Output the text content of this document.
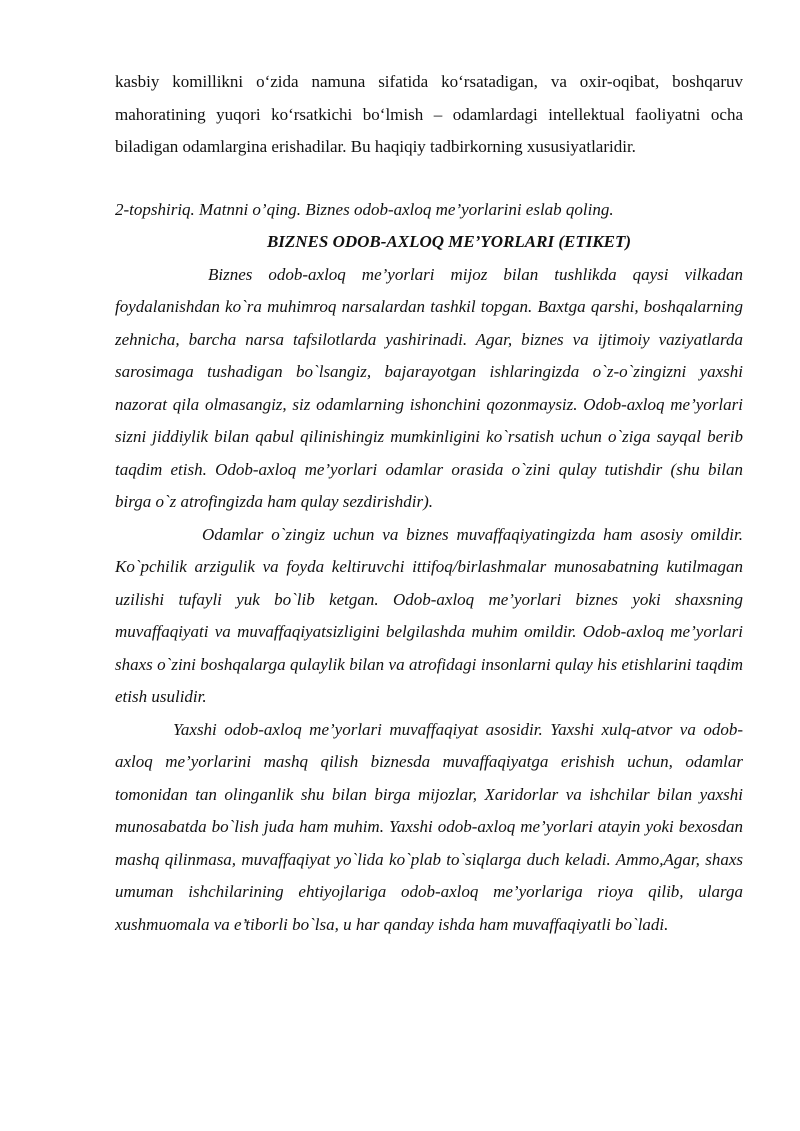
kasbiy komillikni o‘zida namuna sifatida ko‘rsatadigan, va oxir-oqibat, boshqaruv mahoratining yuqori ko‘rsatkichi bo‘lmish – odamlardagi intellektual faoliyatni ocha biladigan odamlargina erishadilar. Bu haqiqiy tadbirkorning xususiyatlaridir.

2-topshiriq. Matnni o’qing. Biznes odob-axloq me’yorlarini eslab qoling.

BIZNES ODOB-AXLOQ ME’YORLARI (ETIKET)

Biznes odob-axloq me’yorlari mijoz bilan tushlikda qaysi vilkadan foydalanishdan ko`ra muhimroq narsalardan tashkil topgan. Baxtga qarshi, boshqalarning zehnicha, barcha narsa tafsilotlarda yashirinadi. Agar, biznes va ijtimoiy vaziyatlarda sarosimaga tushadigan bo`lsangiz, bajarayotgan ishlaringizda o`z-o`zingizni yaxshi nazorat qila olmasangiz, siz odamlarning ishonchini qozonmaysiz. Odob-axloq me’yorlari sizni jiddiylik bilan qabul qilinishingiz mumkinligini ko`rsatish uchun o`ziga sayqal berib taqdim etish. Odob-axloq me’yorlari odamlar orasida o`zini qulay tutishdir (shu bilan birga o`z atrofingizda ham qulay sezdirishdir).

Odamlar o`zingiz uchun va biznes muvaffaqiyatingizda ham asosiy omildir. Ko`pchilik arzigulik va foyda keltiruvchi ittifoq/birlashmalar munosabatning kutilmagan uzilishi tufayli yuk bo`lib ketgan. Odob-axloq me’yorlari biznes yoki shaxsning muvaffaqiyati va muvaffaqiyatsizligini belgilashda muhim omildir. Odob-axloq me’yorlari shaxs o`zini boshqalarga qulaylik bilan va atrofidagi insonlarni qulay his etishlarini taqdim etish usulidir.

Yaxshi odob-axloq me’yorlari muvaffaqiyat asosidir. Yaxshi xulq-atvor va odob-axloq me’yorlarini mashq qilish biznesda muvaffaqiyatga erishish uchun, odamlar tomonidan tan olinganlik shu bilan birga mijozlar, Xaridorlar va ishchilar bilan yaxshi munosabatda bo`lish juda ham muhim. Yaxshi odob-axloq me’yorlari atayin yoki bexosdan mashq qilinmasa, muvaffaqiyat yo`lida ko`plab to`siqlarga duch keladi. Ammo,Agar, shaxs umuman ishchilarining ehtiyojlariga odob-axloq me’yorlariga rioya qilib, ularga xushmuomala va e’tiborli bo`lsa, u har qanday ishda ham muvaffaqiyatli bo`ladi.
